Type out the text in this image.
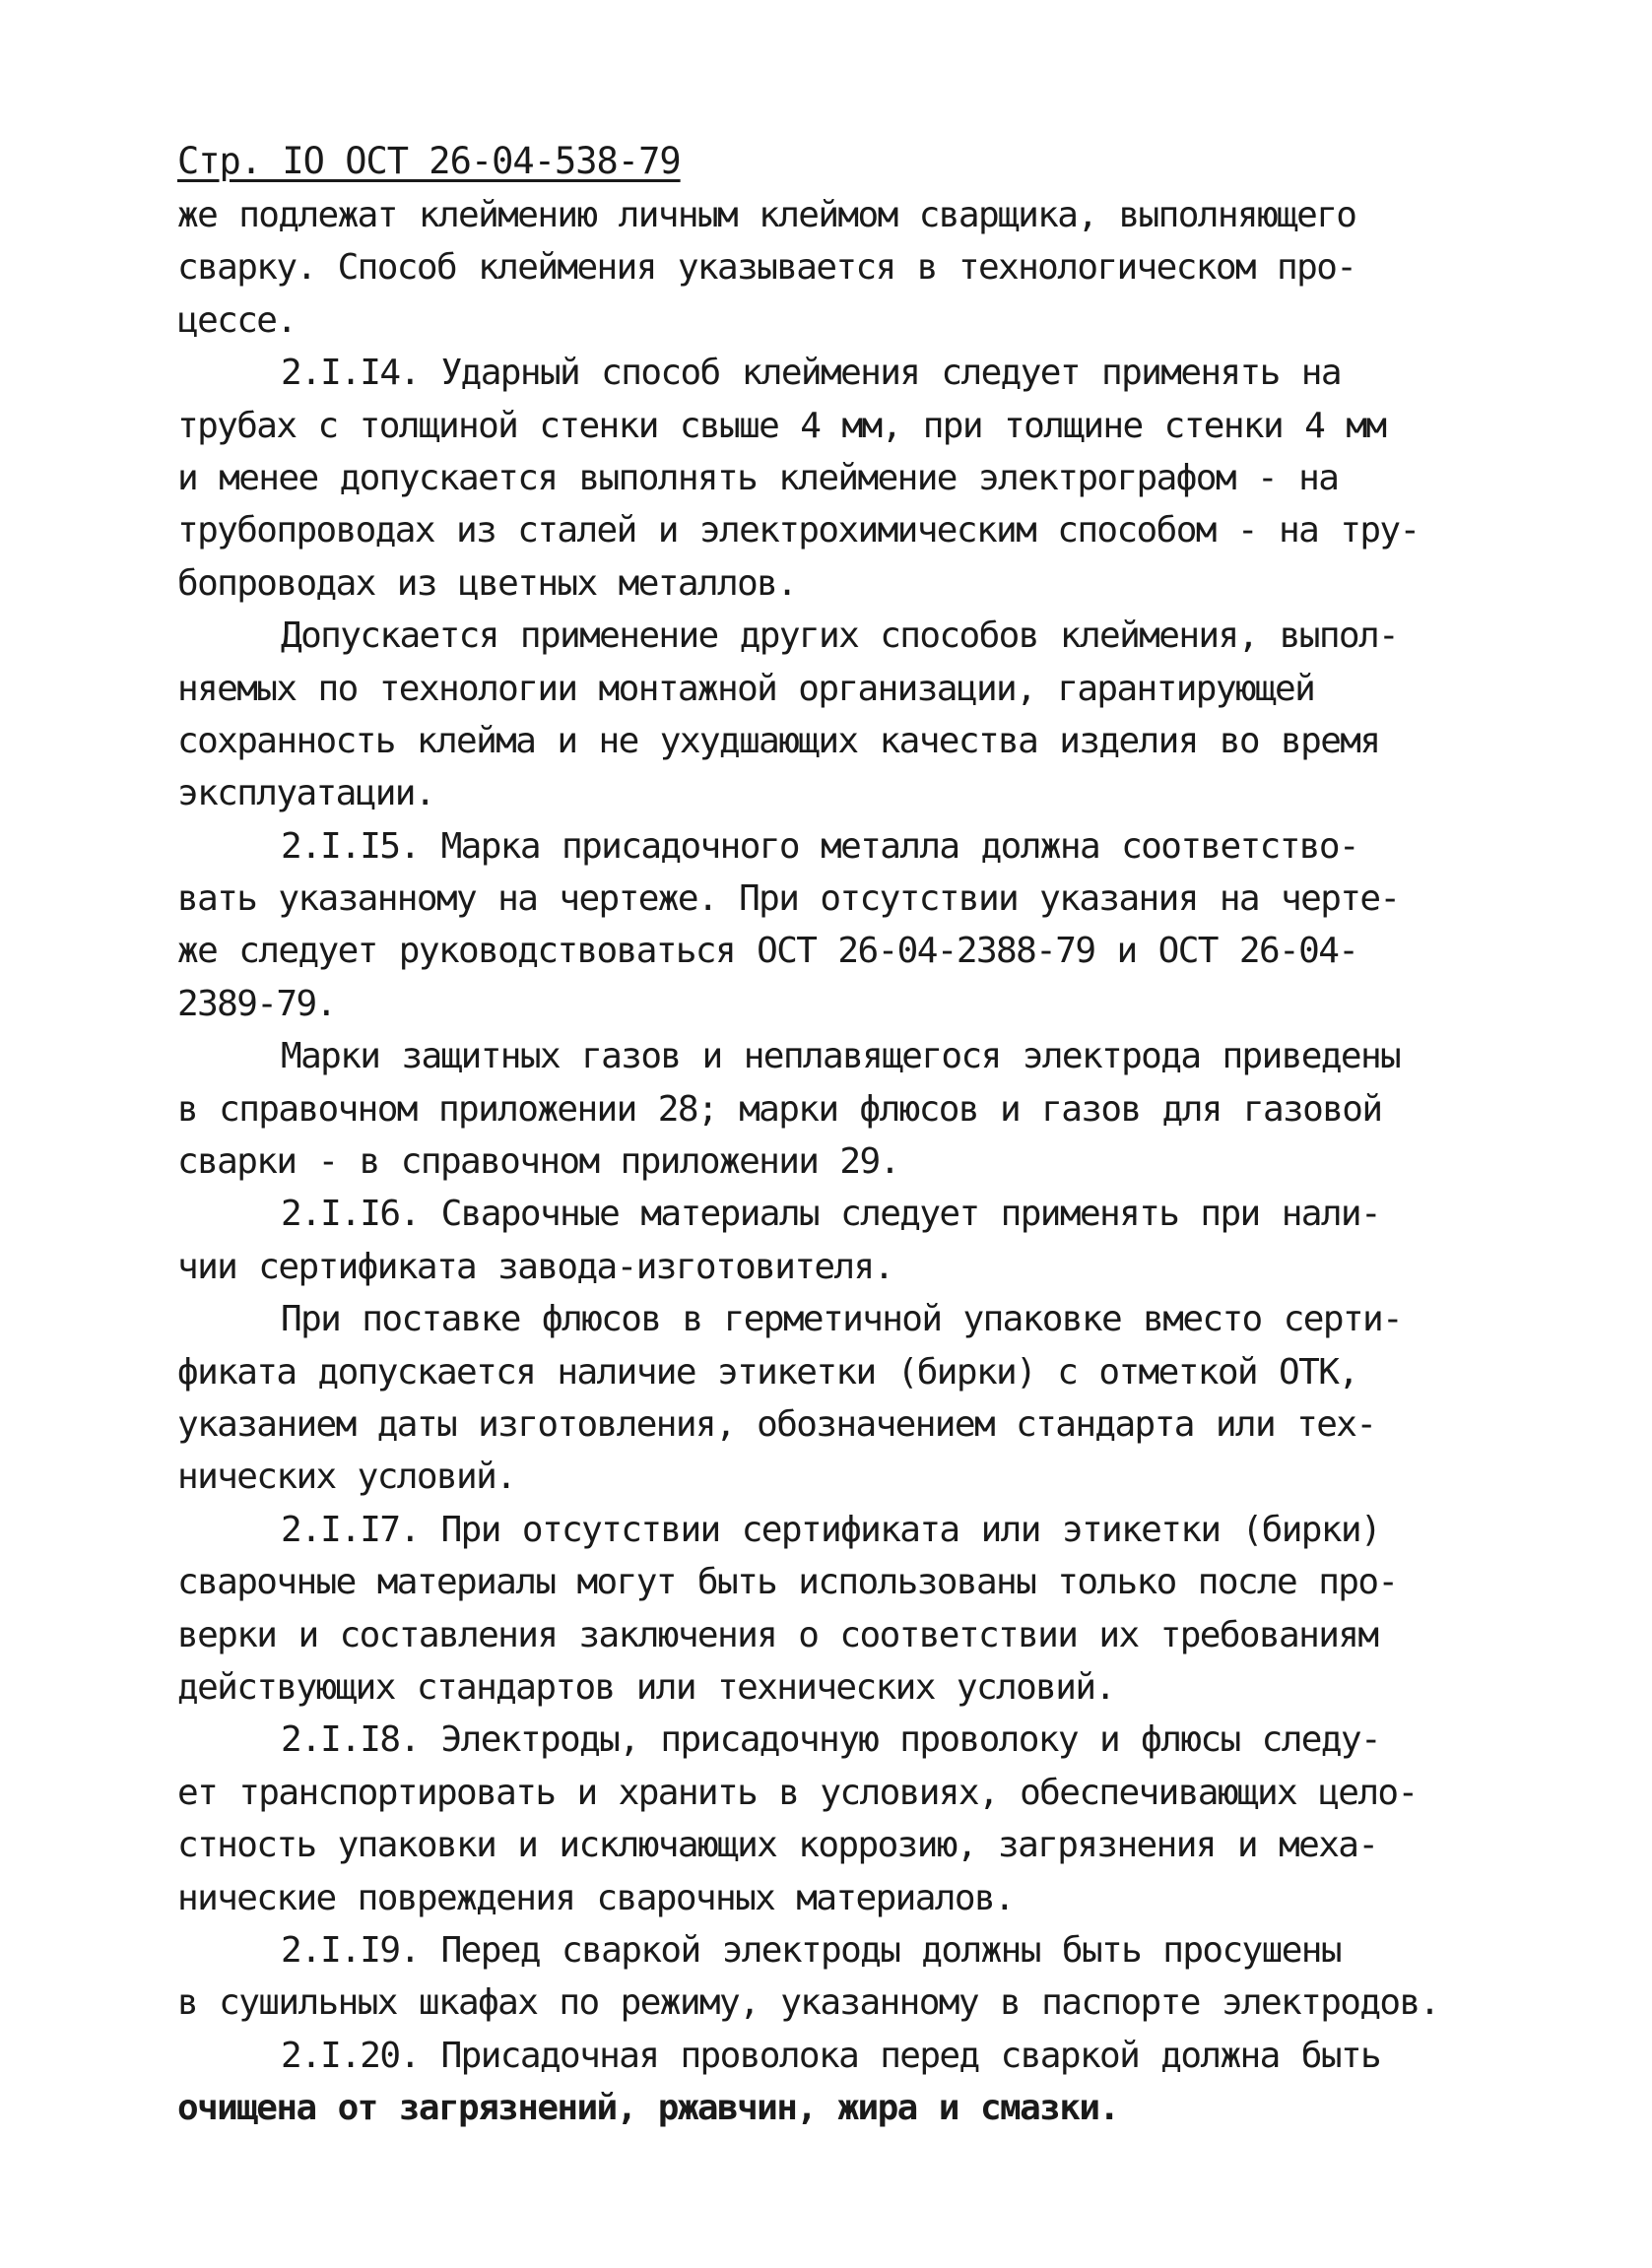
Стр. IO ОСТ 26-04-538-79
же подлежат клеймению личным клеймом сварщика, выполняющего
сварку. Способ клеймения указывается в технологическом про-
цессе.
2.I.I4. Ударный способ клеймения следует применять на
трубах с толщиной стенки свыше 4 мм, при толщине стенки 4 мм
и менее допускается выполнять клеймение электрографом - на
трубопроводах из сталей и электрохимическим способом - на тру-
бопроводах из цветных металлов.
Допускается применение других способов клеймения, выпол-
няемых по технологии монтажной организации, гарантирующей
сохранность клейма и не ухудшающих качества изделия во время
эксплуатации.
2.I.I5. Марка присадочного металла должна соответство-
вать указанному на чертеже. При отсутствии указания на черте-
же следует руководствоваться ОСТ 26-04-2388-79 и ОСТ 26-04-
2389-79.
Марки защитных газов и неплавящегося электрода приведены
в справочном приложении 28; марки флюсов и газов для газовой
сварки - в справочном приложении 29.
2.I.I6. Сварочные материалы следует применять при нали-
чии сертификата завода-изготовителя.
При поставке флюсов в герметичной упаковке вместо серти-
фиката допускается наличие этикетки (бирки) с отметкой ОТК,
указанием даты изготовления, обозначением стандарта или тех-
нических условий.
2.I.I7. При отсутствии сертификата или этикетки (бирки)
сварочные материалы могут быть использованы только после про-
верки и составления заключения о соответствии их требованиям
действующих стандартов или технических условий.
2.I.I8. Электроды, присадочную проволоку и флюсы следу-
ет транспортировать и хранить в условиях, обеспечивающих цело-
стность упаковки и исключающих коррозию, загрязнения и меха-
нические повреждения сварочных материалов.
2.I.I9. Перед сваркой электроды должны быть просушены
в сушильных шкафах по режиму, указанному в паспорте электродов.
2.I.20. Присадочная проволока перед сваркой должна быть
очищена от загрязнений, ржавчин, жира и смазки.
